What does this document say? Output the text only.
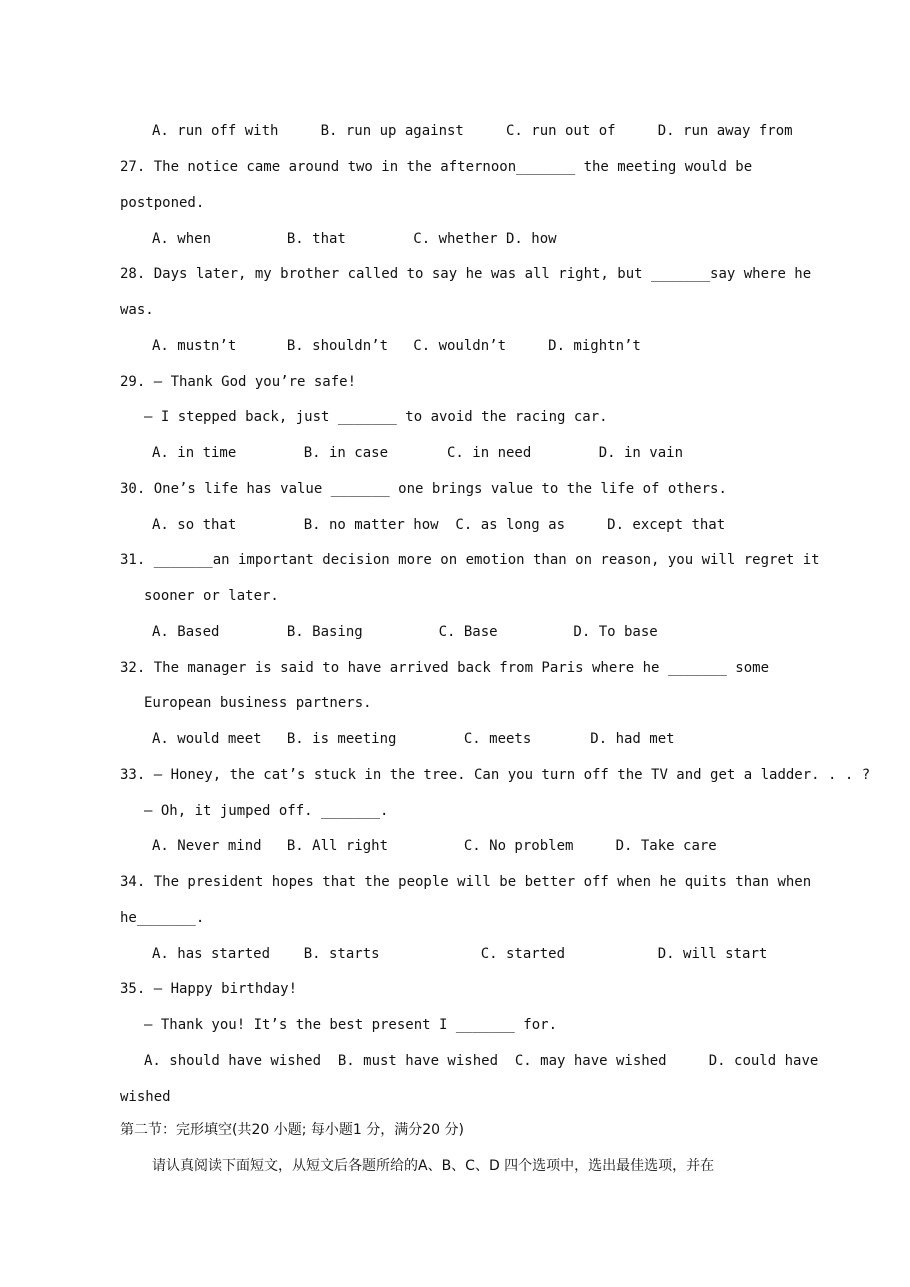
A. run off with     B. run up against     C. run out of     D. run away from
27. The notice came around two in the afternoon_______ the meeting would be
postponed.
A. when         B. that        C. whether D. how
28. Days later, my brother called to say he was all right, but _______say where he
was.
A. mustn’t      B. shouldn’t   C. wouldn’t     D. mightn’t
29. — Thank God you’re safe!
— I stepped back, just _______ to avoid the racing car.
A. in time        B. in case       C. in need        D. in vain
30. One’s life has value _______ one brings value to the life of others.
A. so that        B. no matter how  C. as long as     D. except that
31. _______an important decision more on emotion than on reason, you will regret it
sooner or later.
A. Based        B. Basing         C. Base         D. To base
32. The manager is said to have arrived back from Paris where he _______ some
European business partners.
A. would meet   B. is meeting        C. meets       D. had met
33. — Honey, the cat’s stuck in the tree. Can you turn off the TV and get a ladder. . . ?
— Oh, it jumped off. _______.
A. Never mind   B. All right         C. No problem     D. Take care
34. The president hopes that the people will be better off when he quits than when
he_______.
A. has started    B. starts            C. started           D. will start
35. — Happy birthday!
— Thank you! It’s the best present I _______ for.
A. should have wished  B. must have wished  C. may have wished     D. could have
wished
第二节：完形填空(共20 小题; 每小题1 分，满分20 分)
请认真阅读下面短文，从短文后各题所给的A、B、C、D 四个选项中，选出最佳选项，并在
